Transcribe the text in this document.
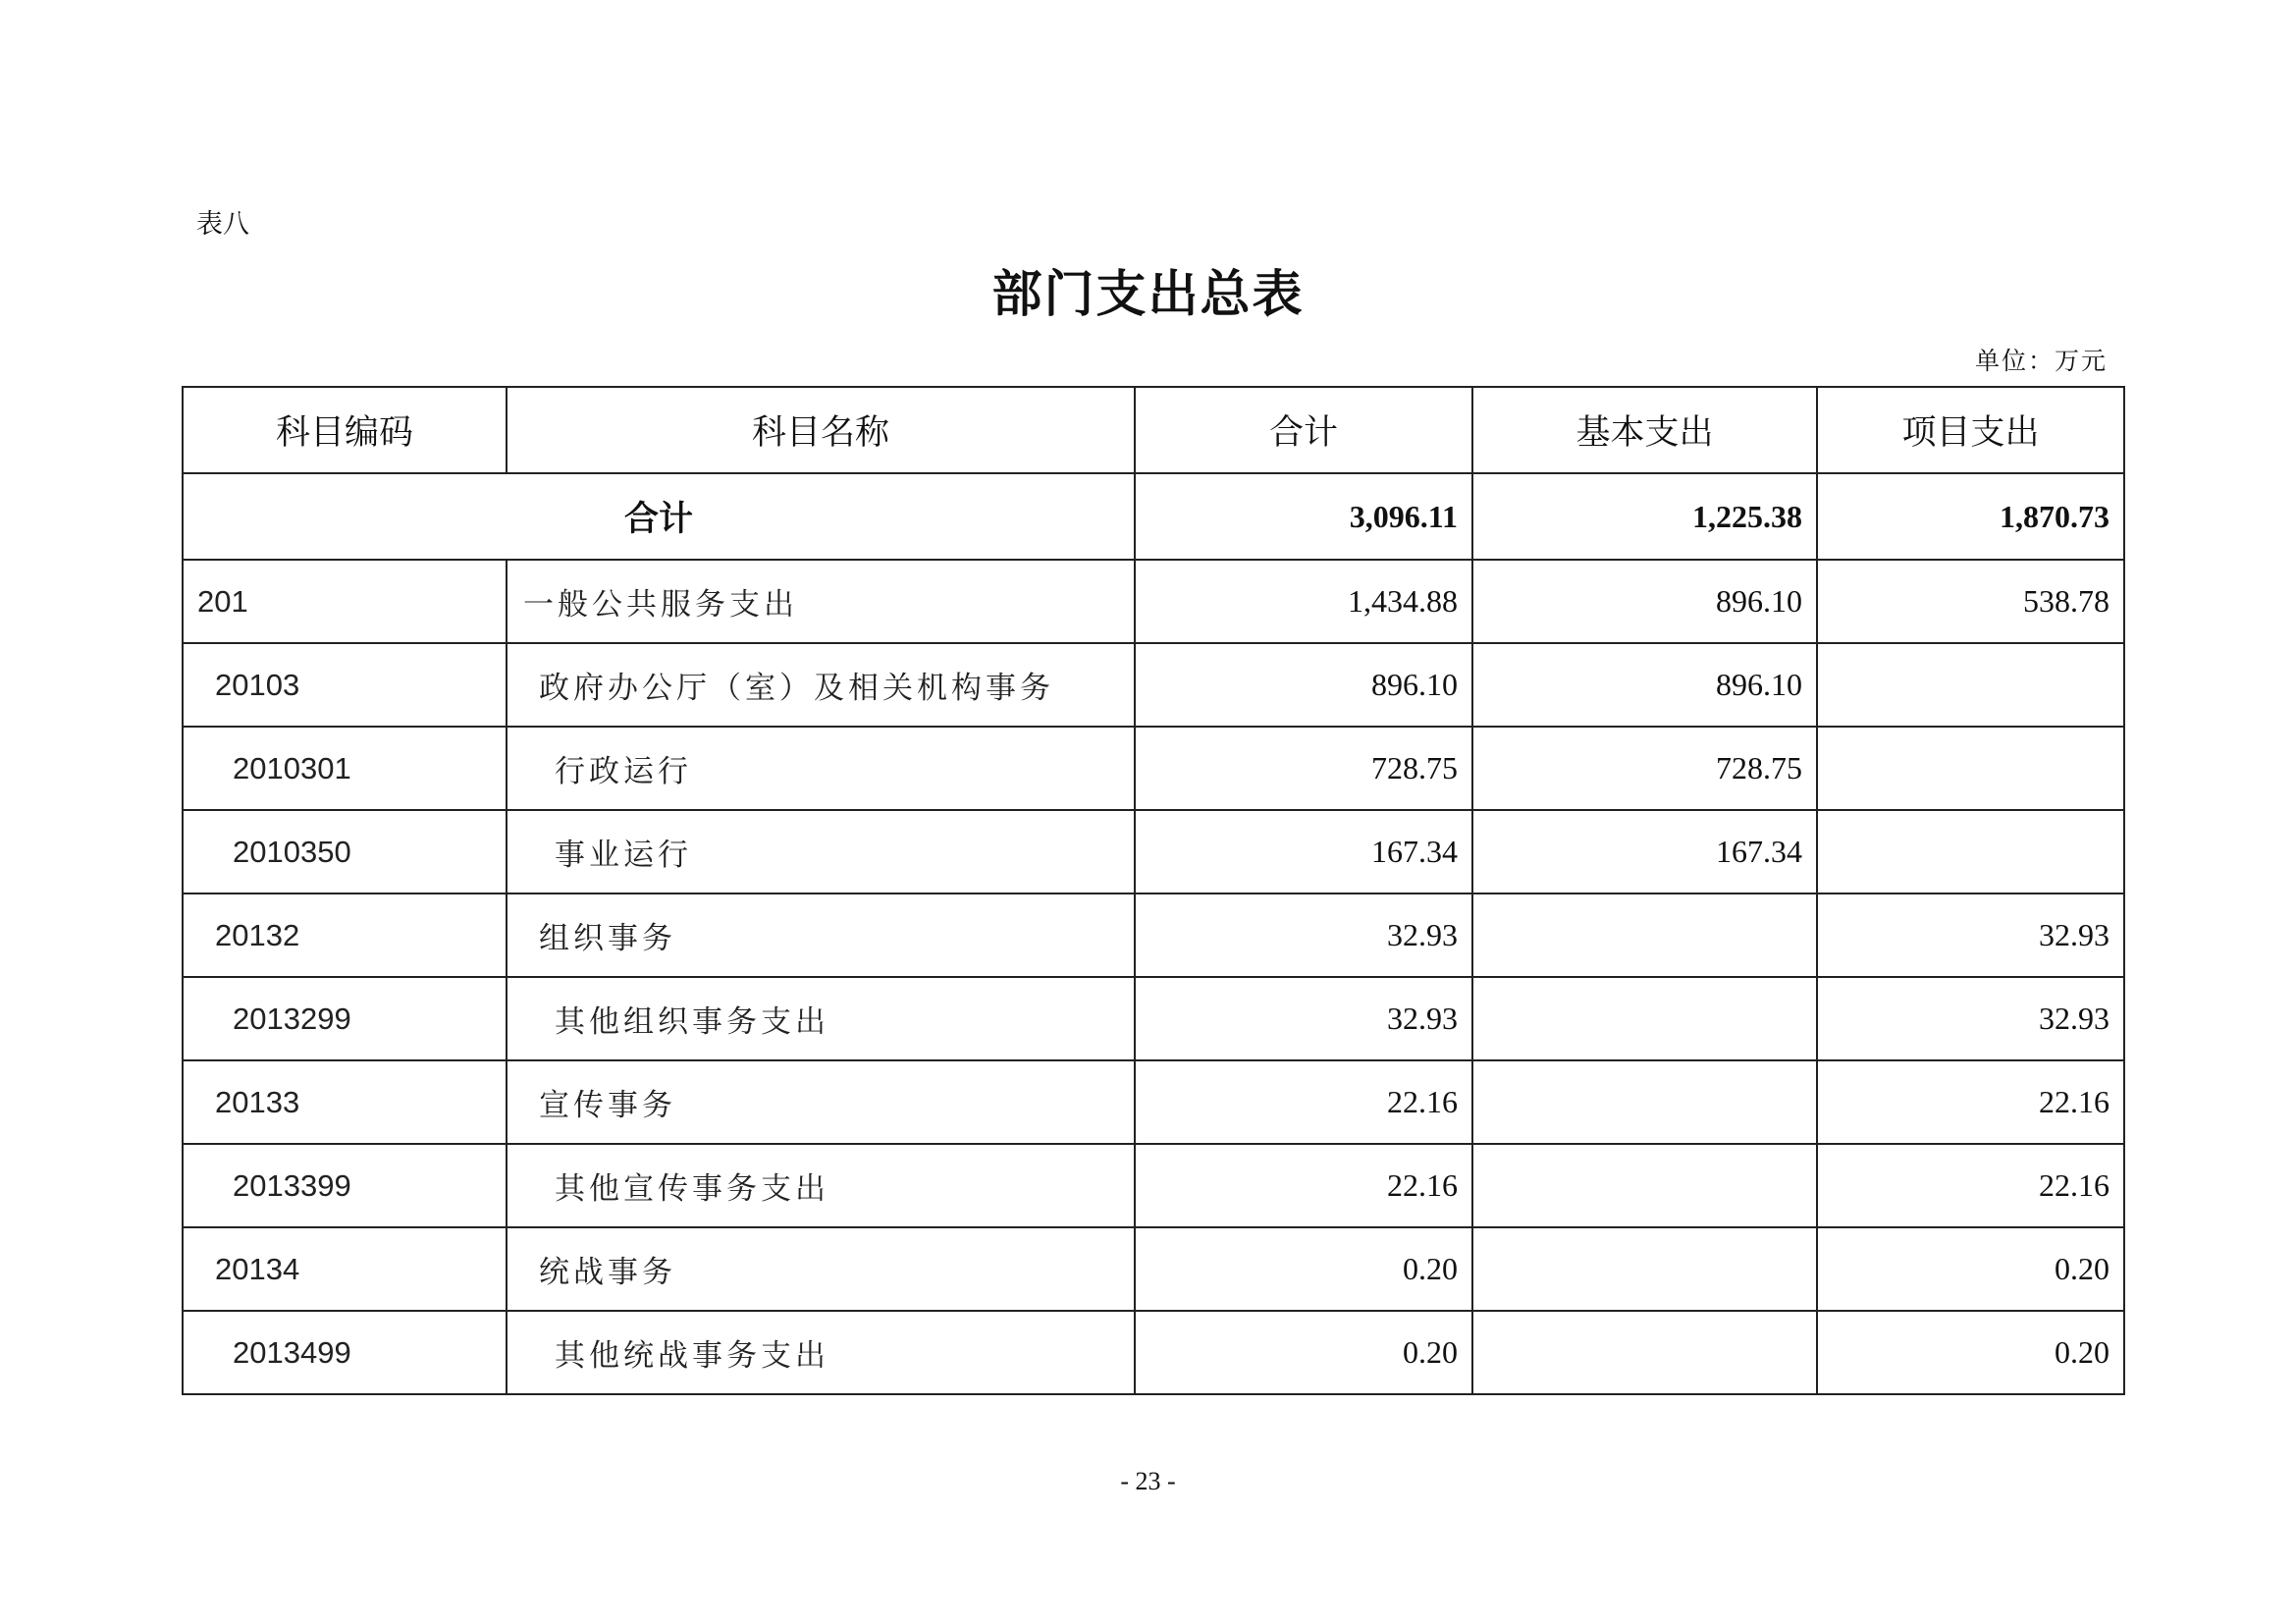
表八
部门支出总表
单位：万元
科目编码	科目名称	合计	基本支出	项目支出
合计		3,096.11	1,225.38	1,870.73
201	一般公共服务支出	1,434.88	896.10	538.78
20103	政府办公厅（室）及相关机构事务	896.10	896.10	
2010301	行政运行	728.75	728.75	
2010350	事业运行	167.34	167.34	
20132	组织事务	32.93		32.93
2013299	其他组织事务支出	32.93		32.93
20133	宣传事务	22.16		22.16
2013399	其他宣传事务支出	22.16		22.16
20134	统战事务	0.20		0.20
2013499	其他统战事务支出	0.20		0.20
- 23 -
